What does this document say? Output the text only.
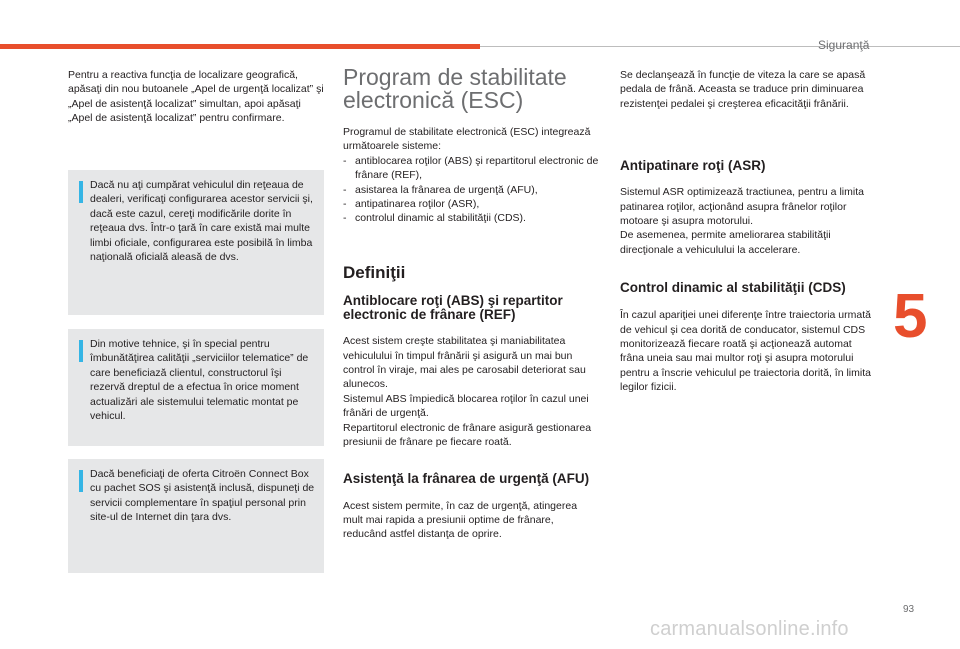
Siguranţă
5
93
carmanualsonline.info

Pentru a reactiva funcţia de localizare geografică, apăsaţi din nou butoanele „Apel de urgenţă localizat” şi „Apel de asistenţă localizat” simultan, apoi apăsaţi „Apel de asistenţă localizat” pentru confirmare.

Dacă nu aţi cumpărat vehiculul din reţeaua de dealeri, verificaţi configurarea acestor servicii şi, dacă este cazul, cereţi modificările dorite în reţeaua dvs. Într-o ţară în care există mai multe limbi oficiale, configurarea este posibilă în limba naţională oficială aleasă de dvs.

Din motive tehnice, şi în special pentru îmbunătăţirea calităţii „serviciilor telematice” de care beneficiază clientul, constructorul îşi rezervă dreptul de a efectua în orice moment actualizări ale sistemului telematic montat pe vehicul.

Dacă beneficiaţi de oferta Citroën Connect Box cu pachet SOS şi asistenţă inclusă, dispuneţi de servicii complementare în spaţiul personal prin site-ul de Internet din ţara dvs.

Program de stabilitate electronică (ESC)

Programul de stabilitate electronică (ESC) integrează următoarele sisteme:

- antiblocarea roţilor (ABS) şi repartitorul electronic de frânare (REF),
- asistarea la frânarea de urgenţă (AFU),
- antipatinarea roţilor (ASR),
- controlul dinamic al stabilităţii (CDS).
Definiţii
Antiblocare roţi (ABS) şi repartitor electronic de frânare (REF)

Acest sistem creşte stabilitatea şi maniabilitatea vehiculului în timpul frânării şi asigură un mai bun control în viraje, mai ales pe carosabil deteriorat sau alunecos.

Sistemul ABS împiedică blocarea roţilor în cazul unei frânări de urgenţă.

Repartitorul electronic de frânare asigură gestionarea presiunii de frânare pe fiecare roată.

Asistenţă la frânarea de urgenţă (AFU)

Acest sistem permite, în caz de urgenţă, atingerea mult mai rapida a presiunii optime de frânare, reducând astfel distanţa de oprire.

Se declanşează în funcţie de viteza la care se apasă pedala de frână. Aceasta se traduce prin diminuarea rezistenţei pedalei şi creşterea eficacităţii frânării.

Antipatinare roţi (ASR)

Sistemul ASR optimizează tractiunea, pentru a limita patinarea roţilor, acţionând asupra frânelor roţilor motoare şi asupra motorului.

De asemenea, permite ameliorarea stabilităţii direcţionale a vehiculului la accelerare.

Control dinamic al stabilităţii (CDS)

În cazul apariţiei unei diferenţe între traiectoria urmată de vehicul şi cea dorită de conducator, sistemul CDS monitorizează fiecare roată şi acţionează automat frâna uneia sau mai multor roţi şi asupra motorului pentru a înscrie vehiculul pe traiectoria dorită, în limita legilor fizicii.
